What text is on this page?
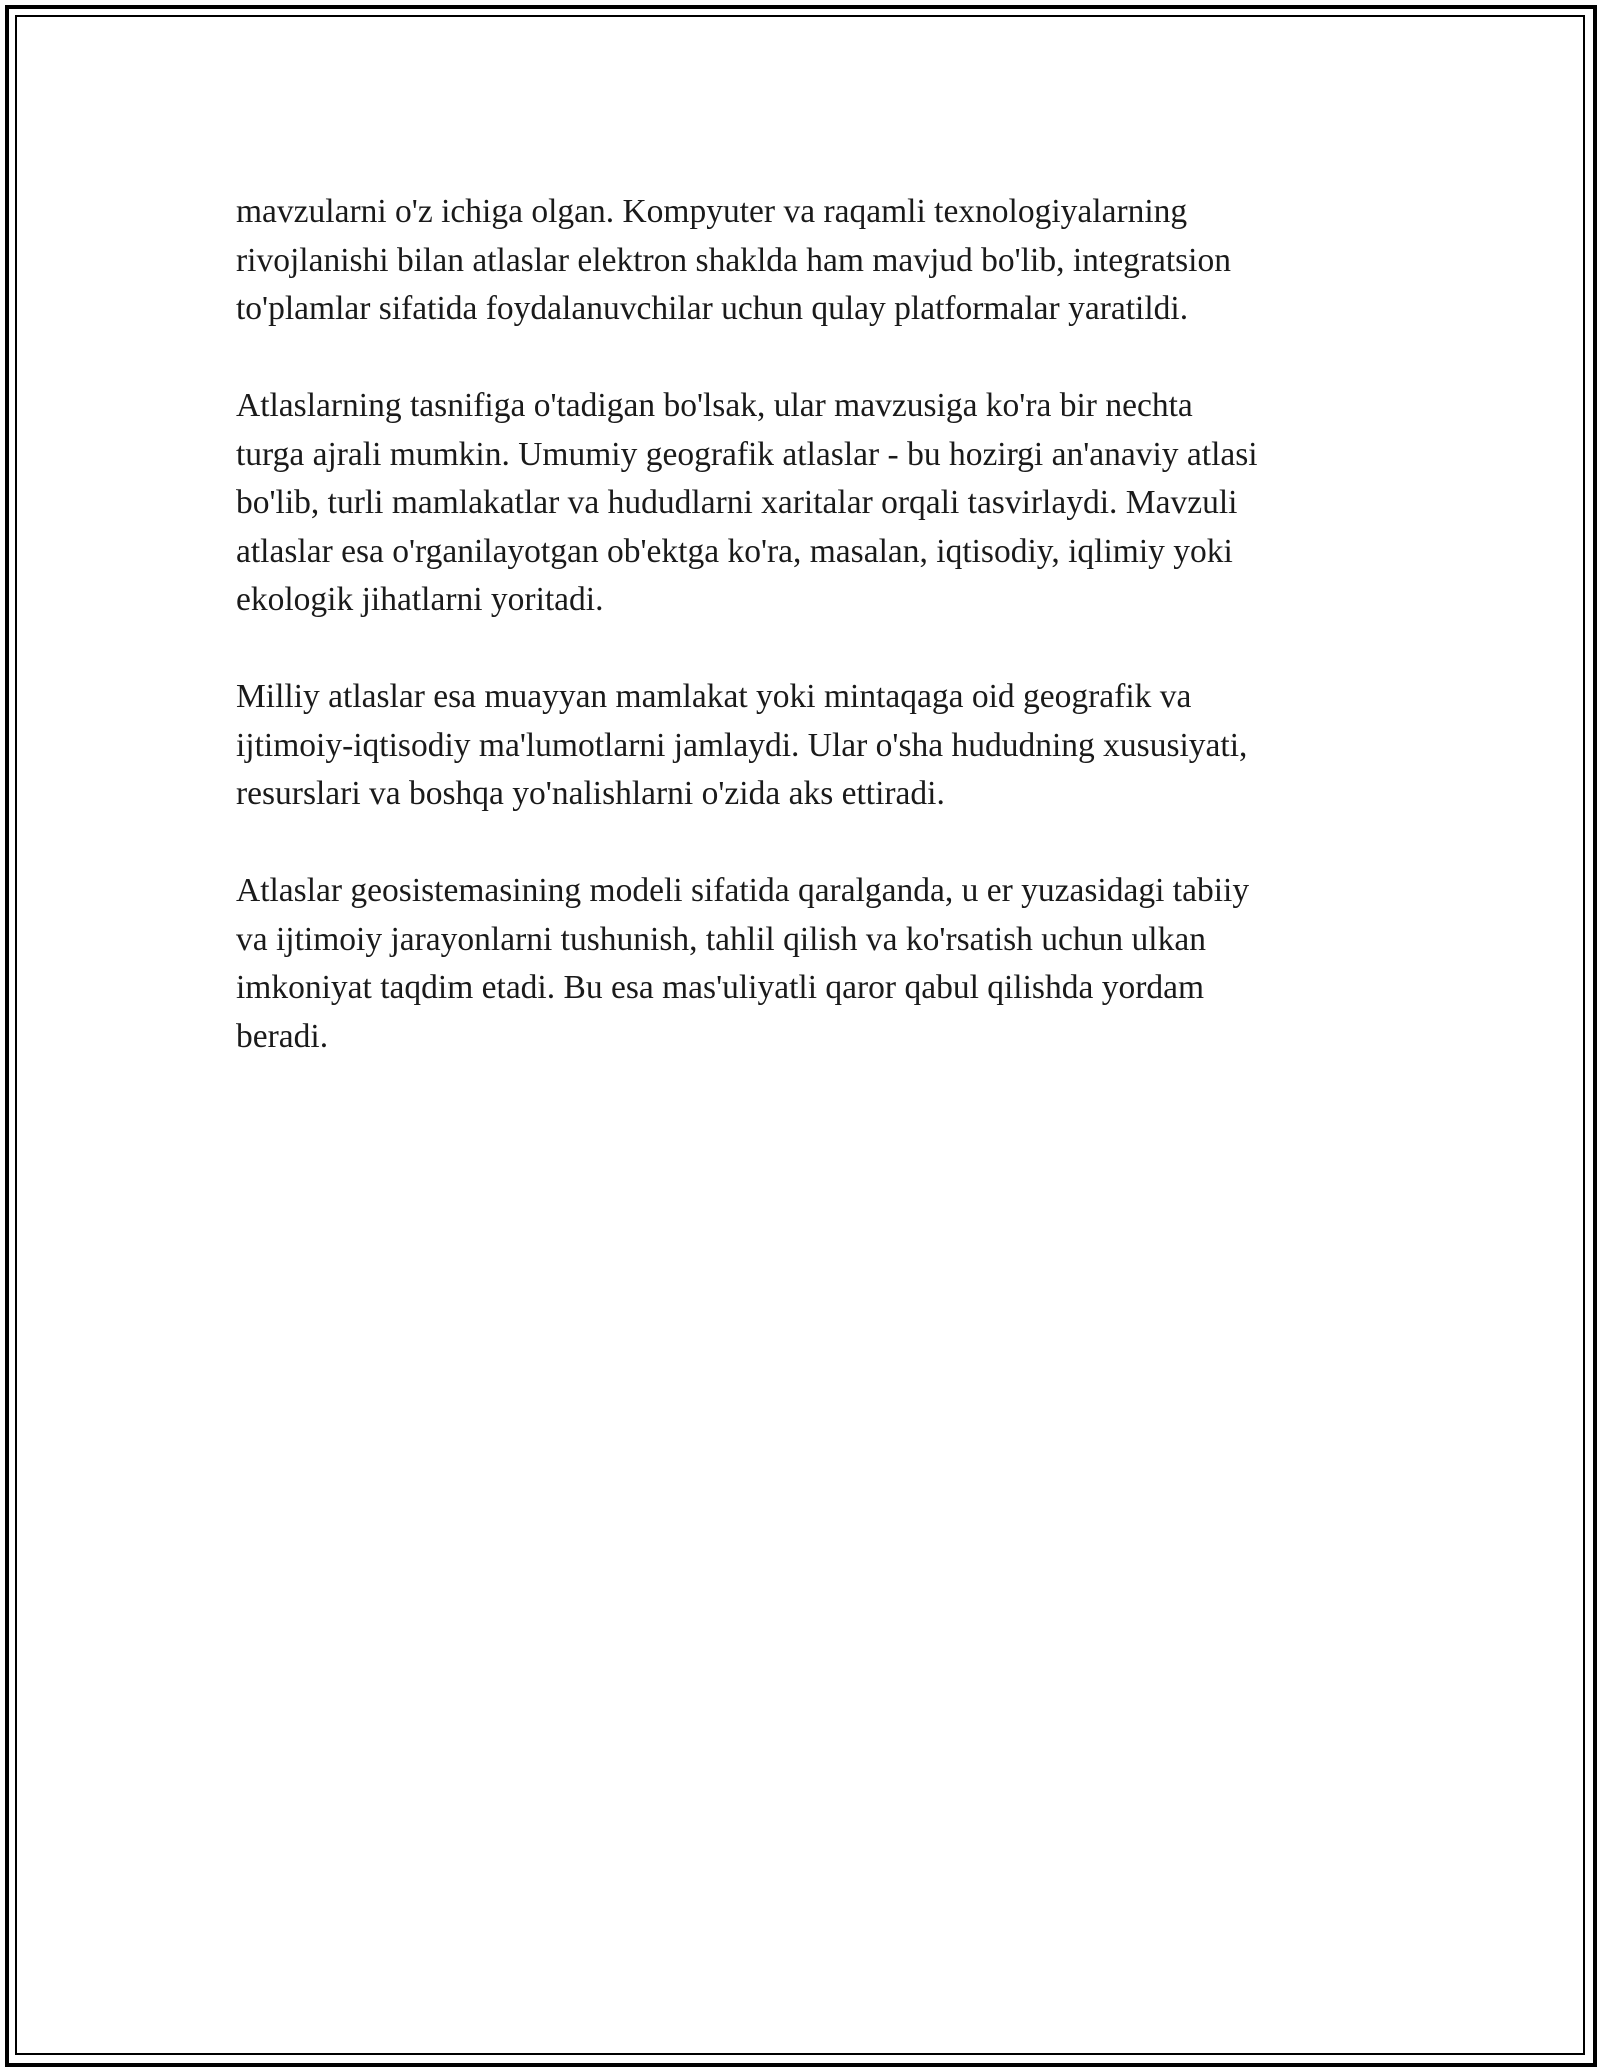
mavzularni o'z ichiga olgan. Kompyuter va raqamli texnologiyalarning
rivojlanishi bilan atlaslar elektron shaklda ham mavjud bo'lib, integratsion
to'plamlar sifatida foydalanuvchilar uchun qulay platformalar yaratildi.

Atlaslarning tasnifiga o'tadigan bo'lsak, ular mavzusiga ko'ra bir nechta
turga ajrali mumkin. Umumiy geografik atlaslar - bu hozirgi an'anaviy atlasi
bo'lib, turli mamlakatlar va hududlarni xaritalar orqali tasvirlaydi. Mavzuli
atlaslar esa o'rganilayotgan ob'ektga ko'ra, masalan, iqtisodiy, iqlimiy yoki
ekologik jihatlarni yoritadi.

Milliy atlaslar esa muayyan mamlakat yoki mintaqaga oid geografik va
ijtimoiy-iqtisodiy ma'lumotlarni jamlaydi. Ular o'sha hududning xususiyati,
resurslari va boshqa yo'nalishlarni o'zida aks ettiradi.

Atlaslar geosistemasining modeli sifatida qaralganda, u er yuzasidagi tabiiy
va ijtimoiy jarayonlarni tushunish, tahlil qilish va ko'rsatish uchun ulkan
imkoniyat taqdim etadi. Bu esa mas'uliyatli qaror qabul qilishda yordam
beradi.
